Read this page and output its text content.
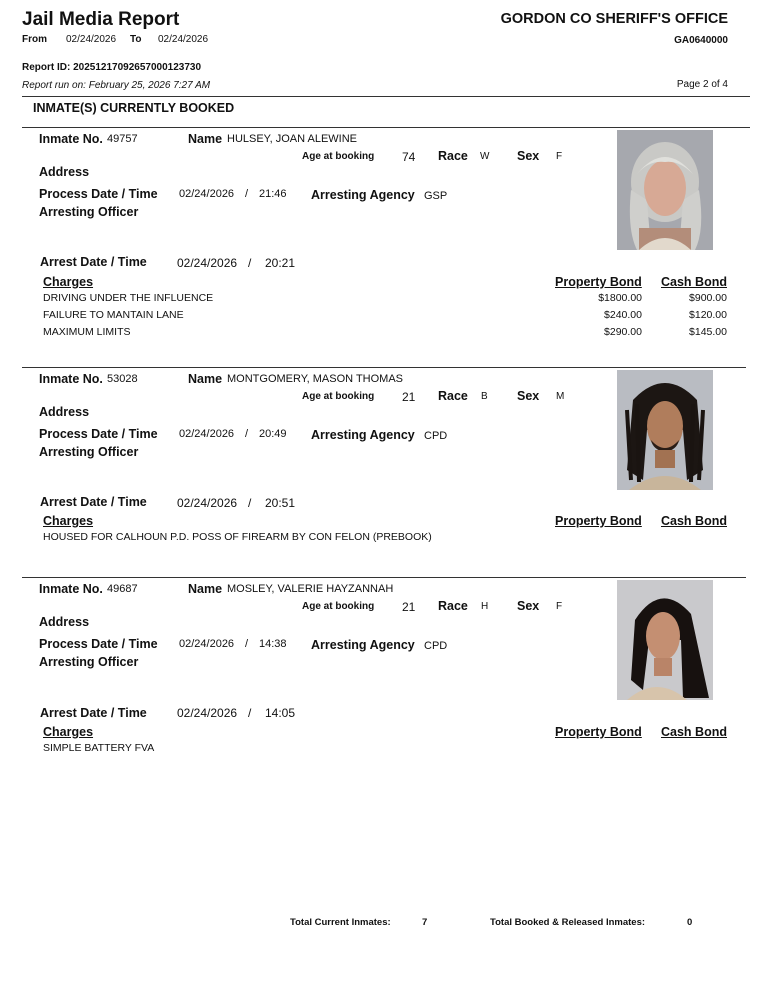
Jail Media Report
From 02/24/2026 To 02/24/2026
GORDON CO SHERIFF'S OFFICE
GA0640000
Report ID: 20251217092657000123730
Report run on: February 25, 2026 7:27 AM	Page 2 of 4
INMATE(S) CURRENTLY BOOKED
Inmate No. 49757	Name HULSEY, JOAN ALEWINE
Age at booking 74 Race W Sex F
Address
Process Date / Time 02/24/2026 / 21:46 Arresting Agency GSP
Arresting Officer
Arrest Date / Time	02/24/2026 / 20:21
Charges	Property Bond Cash Bond
DRIVING UNDER THE INFLUENCE	$1800.00	$900.00
FAILURE TO MANTAIN LANE	$240.00	$120.00
MAXIMUM LIMITS	$290.00	$145.00
Inmate No. 53028	Name MONTGOMERY, MASON THOMAS
Age at booking 21 Race B Sex M
Address
Process Date / Time 02/24/2026 / 20:49 Arresting Agency CPD
Arresting Officer
Arrest Date / Time	02/24/2026 / 20:51
Charges	Property Bond Cash Bond
HOUSED FOR CALHOUN P.D. POSS OF FIREARM BY CON FELON (PREBOOK)
Inmate No. 49687	Name MOSLEY, VALERIE HAYZANNAH
Age at booking 21 Race H Sex F
Address
Process Date / Time 02/24/2026 / 14:38 Arresting Agency CPD
Arresting Officer
Arrest Date / Time	02/24/2026 / 14:05
Charges	Property Bond Cash Bond
SIMPLE BATTERY FVA
Total Current Inmates:	7	Total Booked & Released Inmates:	0
